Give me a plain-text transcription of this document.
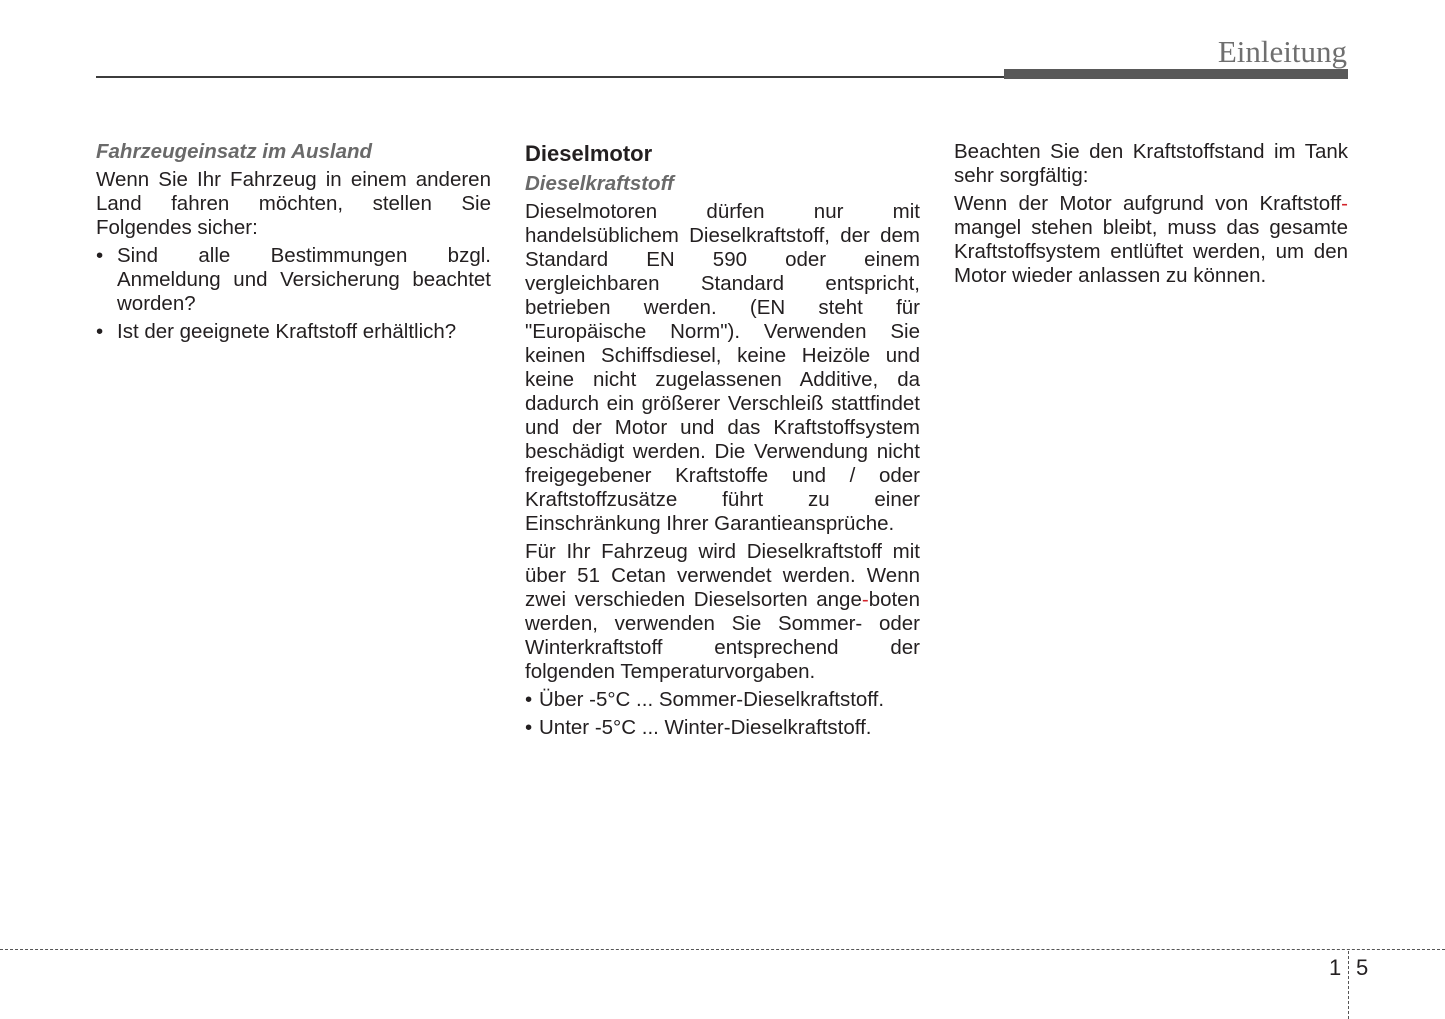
Einleitung

Fahrzeugeinsatz im Ausland

Wenn Sie Ihr Fahrzeug in einem anderen Land fahren möchten, stellen Sie Folgendes sicher:

• Sind alle Bestimmungen bzgl. Anmeldung und Versicherung beachtet worden?
• Ist der geeignete Kraftstoff erhältlich?

Dieselmotor

Dieselkraftstoff

Dieselmotoren dürfen nur mit handelsüblichem Dieselkraftstoff, der dem Standard EN 590 oder einem vergleichbaren Standard entspricht, betrieben werden. (EN steht für "Europäische Norm"). Verwenden Sie keinen Schiffsdiesel, keine Heizöle und keine nicht zugelassenen Additive, da dadurch ein größerer Verschleiß stattfindet und der Motor und das Kraftstoffsystem beschädigt werden. Die Verwendung nicht freigegebener Kraftstoffe und / oder Kraftstoffzusätze führt zu einer Einschränkung Ihrer Garantieansprüche.

Für Ihr Fahrzeug wird Dieselkraftstoff mit über 51 Cetan verwendet werden. Wenn zwei verschieden Dieselsorten ange-boten werden, verwenden Sie Sommer- oder Winterkraftstoff entsprechend der folgenden Temperaturvorgaben.

• Über -5°C ... Sommer-Dieselkraftstoff.
• Unter -5°C ... Winter-Dieselkraftstoff.

Beachten Sie den Kraftstoffstand im Tank sehr sorgfältig:

Wenn der Motor aufgrund von Kraftstoff-mangel stehen bleibt, muss das gesamte Kraftstoffsystem entlüftet werden, um den Motor wieder anlassen zu können.

1 5
